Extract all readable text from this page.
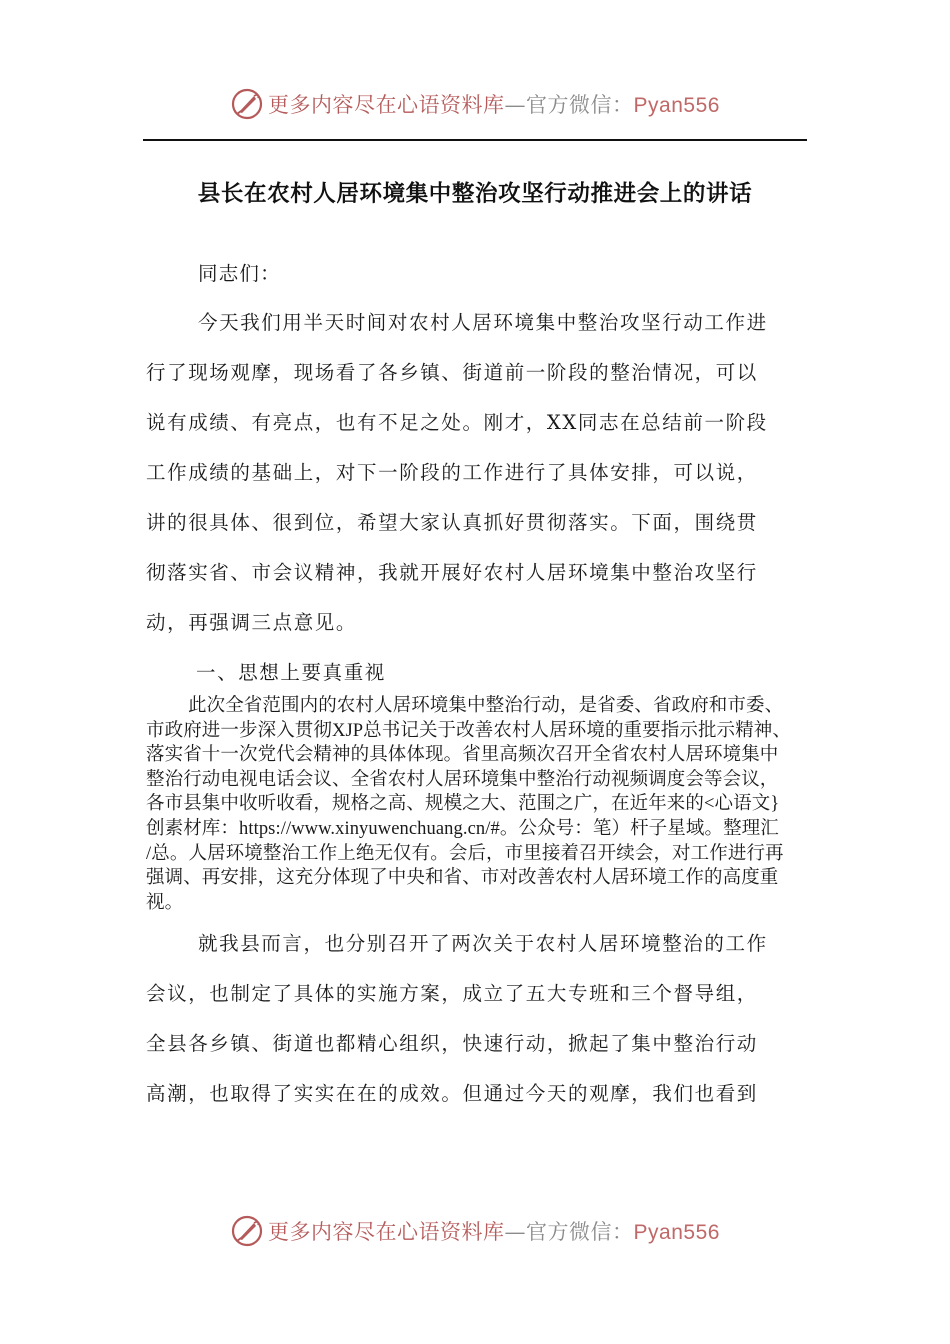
更多内容尽在心语资料库—官方微信：Pyan556
县长在农村人居环境集中整治攻坚行动推进会上的讲话

同志们：

今天我们用半天时间对农村人居环境集中整治攻坚行动工作进

行了现场观摩，现场看了各乡镇、街道前一阶段的整治情况，可以

说有成绩、有亮点，也有不足之处。刚才，XX同志在总结前一阶段

工作成绩的基础上，对下一阶段的工作进行了具体安排，可以说，

讲的很具体、很到位，希望大家认真抓好贯彻落实。下面，围绕贯

彻落实省、市会议精神，我就开展好农村人居环境集中整治攻坚行

动，再强调三点意见。

一、思想上要真重视

此次全省范围内的农村人居环境集中整治行动，是省委、省政府和市委、
市政府进一步深入贯彻XJP总书记关于改善农村人居环境的重要指示批示精神、
落实省十一次党代会精神的具体体现。省里高频次召开全省农村人居环境集中
整治行动电视电话会议、全省农村人居环境集中整治行动视频调度会等会议，
各市县集中收听收看，规格之高、规模之大、范围之广，在近年来的<心语文}
创素材库：https://www.xinyuwenchuang.cn/#。公众号：笔）杆子星域。整理汇
/总。人居环境整治工作上绝无仅有。会后，市里接着召开续会，对工作进行再
强调、再安排，这充分体现了中央和省、市对改善农村人居环境工作的高度重
视。

就我县而言，也分别召开了两次关于农村人居环境整治的工作

会议，也制定了具体的实施方案，成立了五大专班和三个督导组，

全县各乡镇、街道也都精心组织，快速行动，掀起了集中整治行动

高潮，也取得了实实在在的成效。但通过今天的观摩，我们也看到

更多内容尽在心语资料库—官方微信：Pyan556
